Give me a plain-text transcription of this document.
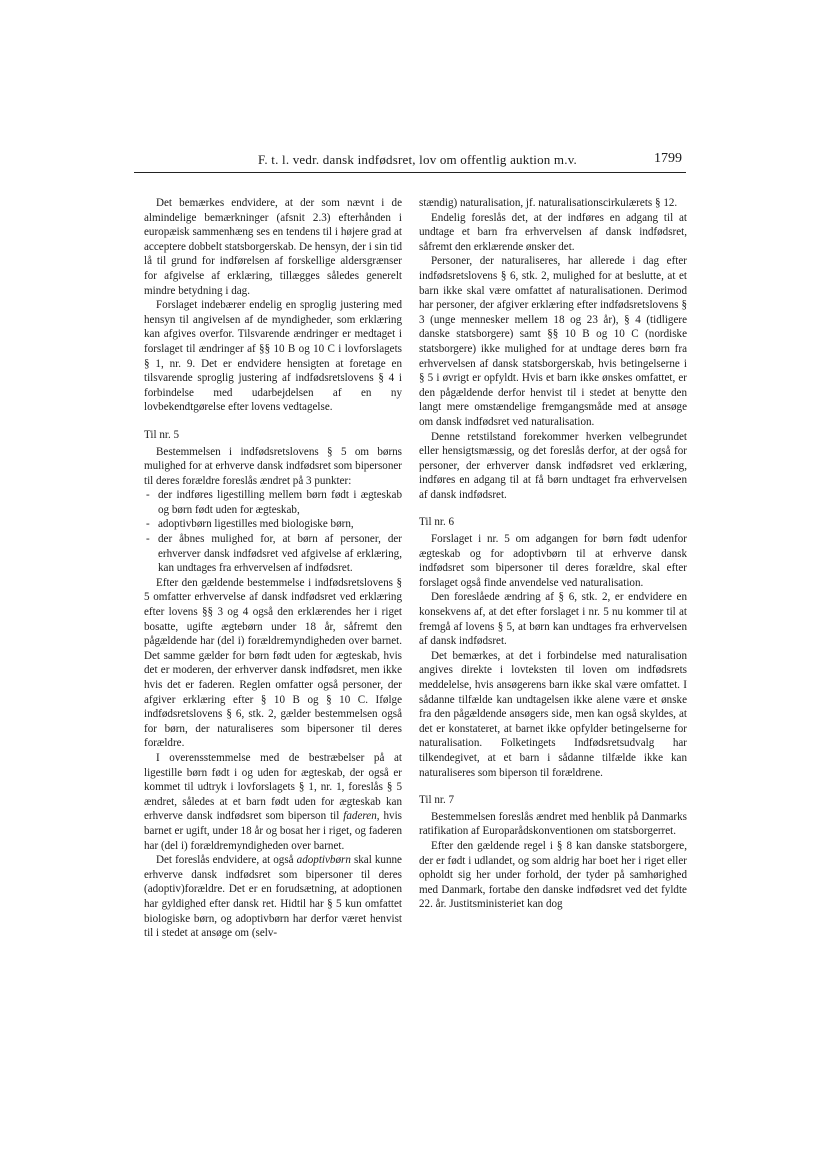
F. t. l. vedr. dansk indfødsret, lov om offentlig auktion m.v.	1799

Det bemærkes endvidere, at der som nævnt i de almindelige bemærkninger (afsnit 2.3) efterhånden i europæisk sammenhæng ses en tendens til i højere grad at acceptere dobbelt statsborgerskab. De hensyn, der i sin tid lå til grund for indførelsen af forskellige aldersgrænser for afgivelse af erklæring, tillægges således generelt mindre betydning i dag.

Forslaget indebærer endelig en sproglig justering med hensyn til angivelsen af de myndigheder, som erklæring kan afgives overfor. Tilsvarende ændringer er medtaget i forslaget til ændringer af §§ 10 B og 10 C i lovforslagets § 1, nr. 9. Det er endvidere hensigten at foretage en tilsvarende sproglig justering af indfødsretslovens § 4 i forbindelse med udarbejdelsen af en ny lovbekendtgørelse efter lovens vedtagelse.

Til nr. 5

Bestemmelsen i indfødsretslovens § 5 om børns mulighed for at erhverve dansk indfødsret som bipersoner til deres forældre foreslås ændret på 3 punkter:

- der indføres ligestilling mellem børn født i ægteskab og børn født uden for ægteskab,
- adoptivbørn ligestilles med biologiske børn,
- der åbnes mulighed for, at børn af personer, der erhverver dansk indfødsret ved afgivelse af erklæring, kan undtages fra erhvervelsen af indfødsret.

Efter den gældende bestemmelse i indfødsretslovens § 5 omfatter erhvervelse af dansk indfødsret ved erklæring efter lovens §§ 3 og 4 også den erklærendes her i riget bosatte, ugifte ægtebørn under 18 år, såfremt den pågældende har (del i) forældremyndigheden over barnet. Det samme gælder for børn født uden for ægteskab, hvis det er moderen, der erhverver dansk indfødsret, men ikke hvis det er faderen. Reglen omfatter også personer, der afgiver erklæring efter § 10 B og § 10 C. Ifølge indfødsretslovens § 6, stk. 2, gælder bestemmelsen også for børn, der naturaliseres som bipersoner til deres forældre.

I overensstemmelse med de bestræbelser på at ligestille børn født i og uden for ægteskab, der også er kommet til udtryk i lovforslagets § 1, nr. 1, foreslås § 5 ændret, således at et barn født uden for ægteskab kan erhverve dansk indfødsret som biperson til faderen, hvis barnet er ugift, under 18 år og bosat her i riget, og faderen har (del i) forældremyndigheden over barnet.

Det foreslås endvidere, at også adoptivbørn skal kunne erhverve dansk indfødsret som bipersoner til deres (adoptiv)forældre. Det er en forudsætning, at adoptionen har gyldighed efter dansk ret. Hidtil har § 5 kun omfattet biologiske børn, og adoptivbørn har derfor været henvist til i stedet at ansøge om (selv-

stændig) naturalisation, jf. naturalisationscirkulærets § 12.

Endelig foreslås det, at der indføres en adgang til at undtage et barn fra erhvervelsen af dansk indfødsret, såfremt den erklærende ønsker det.

Personer, der naturaliseres, har allerede i dag efter indfødsretslovens § 6, stk. 2, mulighed for at beslutte, at et barn ikke skal være omfattet af naturalisationen. Derimod har personer, der afgiver erklæring efter indfødsretslovens § 3 (unge mennesker mellem 18 og 23 år), § 4 (tidligere danske statsborgere) samt §§ 10 B og 10 C (nordiske statsborgere) ikke mulighed for at undtage deres børn fra erhvervelsen af dansk statsborgerskab, hvis betingelserne i § 5 i øvrigt er opfyldt. Hvis et barn ikke ønskes omfattet, er den pågældende derfor henvist til i stedet at benytte den langt mere omstændelige fremgangsmåde med at ansøge om dansk indfødsret ved naturalisation.

Denne retstilstand forekommer hverken velbegrundet eller hensigtsmæssig, og det foreslås derfor, at der også for personer, der erhverver dansk indfødsret ved erklæring, indføres en adgang til at få børn undtaget fra erhvervelsen af dansk indfødsret.

Til nr. 6

Forslaget i nr. 5 om adgangen for børn født udenfor ægteskab og for adoptivbørn til at erhverve dansk indfødsret som bipersoner til deres forældre, skal efter forslaget også finde anvendelse ved naturalisation.

Den foreslåede ændring af § 6, stk. 2, er endvidere en konsekvens af, at det efter forslaget i nr. 5 nu kommer til at fremgå af lovens § 5, at børn kan undtages fra erhvervelsen af dansk indfødsret.

Det bemærkes, at det i forbindelse med naturalisation angives direkte i lovteksten til loven om indfødsrets meddelelse, hvis ansøgerens barn ikke skal være omfattet. I sådanne tilfælde kan undtagelsen ikke alene være et ønske fra den pågældende ansøgers side, men kan også skyldes, at det er konstateret, at barnet ikke opfylder betingelserne for naturalisation. Folketingets Indfødsretsudvalg har tilkendegivet, at et barn i sådanne tilfælde ikke kan naturaliseres som biperson til forældrene.

Til nr. 7

Bestemmelsen foreslås ændret med henblik på Danmarks ratifikation af Europarådskonventionen om statsborgerret.

Efter den gældende regel i § 8 kan danske statsborgere, der er født i udlandet, og som aldrig har boet her i riget eller opholdt sig her under forhold, der tyder på samhørighed med Danmark, fortabe den danske indfødsret ved det fyldte 22. år. Justitsministeriet kan dog
